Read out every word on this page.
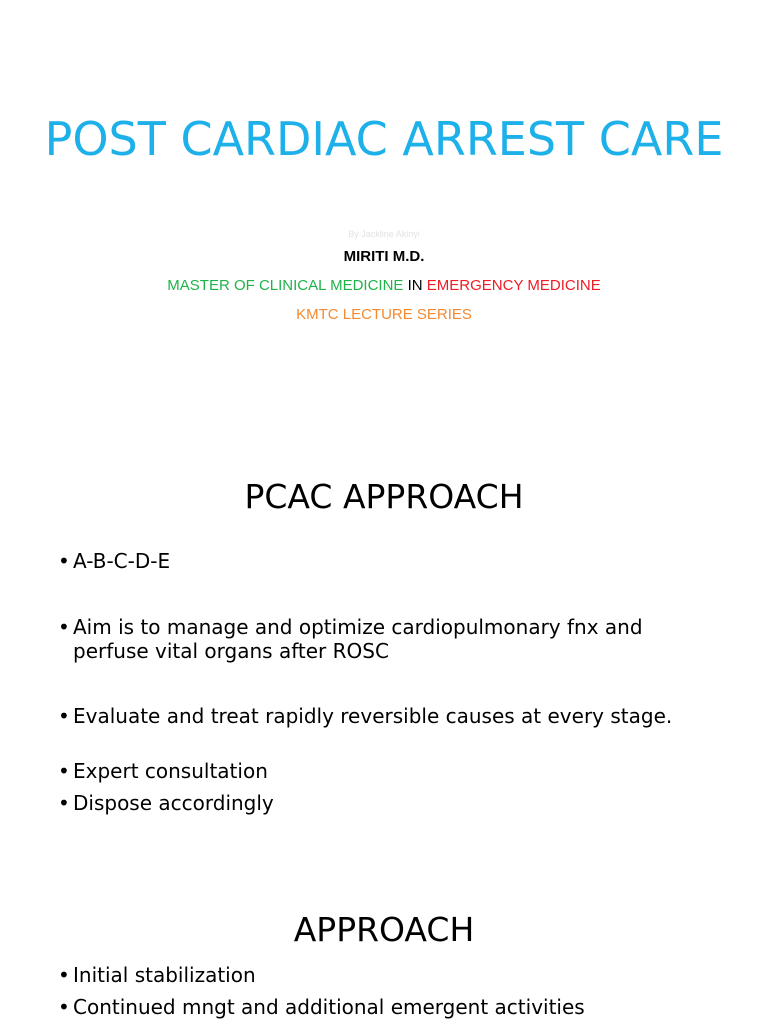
POST CARDIAC ARREST CARE
By Jackline Akinyi
MIRITI M.D.
MASTER OF CLINICAL MEDICINE IN EMERGENCY MEDICINE
KMTC LECTURE SERIES
PCAC APPROACH
• A-B-C-D-E
• Aim is to manage and optimize cardiopulmonary fnx and perfuse vital organs after ROSC
• Evaluate and treat rapidly reversible causes at every stage.
• Expert consultation
• Dispose accordingly
APPROACH
• Initial stabilization
• Continued mngt and additional emergent activities
